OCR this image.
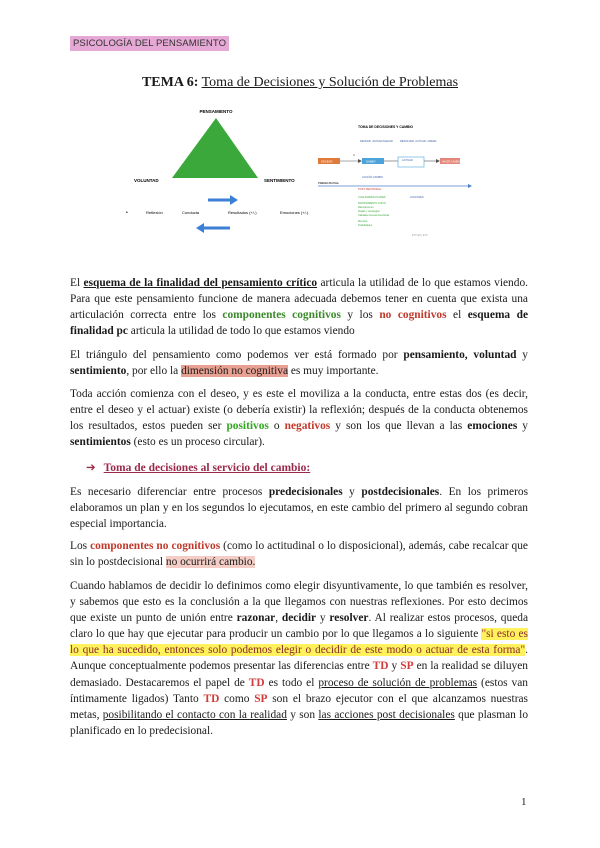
PSICOLOGÍA DEL PENSAMIENTO
TEMA 6: Toma de Decisiones y Solución de Problemas
PENSAMIENTO
VOLUNTAD	SENTIMIENTO
•	Reflexión	Conducta	Resultados (+/-)	Emociones (+/-)
TOMA DE DECISIONES Y CAMBIO
DECIDIR, JUZGAR ELEGIR	RESOLVER, ACTUAR, CREAR
DESEAR	SABER	ACTUAR	HACER CAMBIO
ACCIÓN CAMBIO
PREDECISIONAL
POST DECISIONAL
CUALIDADES PLANES	ACCIONES
RAZONAMIENTO JUICIO
Razonamiento
Reglas y estrategias
Calidades buenas heurísticas
Memoria
Posibilidades
ETC ETC ETC

El esquema de la finalidad del pensamiento crítico articula la utilidad de lo que estamos viendo. Para que este pensamiento funcione de manera adecuada debemos tener en cuenta que exista una articulación correcta entre los componentes cognitivos y los no cognitivos el esquema de finalidad pc articula la utilidad de todo lo que estamos viendo

El triángulo del pensamiento como podemos ver está formado por pensamiento, voluntad y sentimiento, por ello la dimensión no cognitiva es muy importante.

Toda acción comienza con el deseo, y es este el moviliza a la conducta, entre estas dos (es decir, entre el deseo y el actuar) existe (o debería existir) la reflexión; después de la conducta obtenemos los resultados, estos pueden ser positivos o negativos y son los que llevan a las emociones y sentimientos (esto es un proceso circular).

➔ Toma de decisiones al servicio del cambio:

Es necesario diferenciar entre procesos predecisionales y postdecisionales. En los primeros elaboramos un plan y en los segundos lo ejecutamos, en este cambio del primero al segundo cobran especial importancia.

Los componentes no cognitivos (como lo actitudinal o lo disposicional), además, cabe recalcar que sin lo postdecisional no ocurrirá cambio.

Cuando hablamos de decidir lo definimos como elegir disyuntivamente, lo que también es resolver, y sabemos que esto es la conclusión a la que llegamos con nuestras reflexiones. Por esto decimos que existe un punto de unión entre razonar, decidir y resolver. Al realizar estos procesos, queda claro lo que hay que ejecutar para producir un cambio por lo que llegamos a lo siguiente "si esto es lo que ha sucedido, entonces solo podemos elegir o decidir de este modo o actuar de esta forma". Aunque conceptualmente podemos presentar las diferencias entre TD y SP en la realidad se diluyen demasiado. Destacaremos el papel de TD es todo el proceso de solución de problemas (estos van íntimamente ligados) Tanto TD como SP son el brazo ejecutor con el que alcanzamos nuestras metas, posibilitando el contacto con la realidad y son las acciones post decisionales que plasman lo planificado en lo predecisional.

1
